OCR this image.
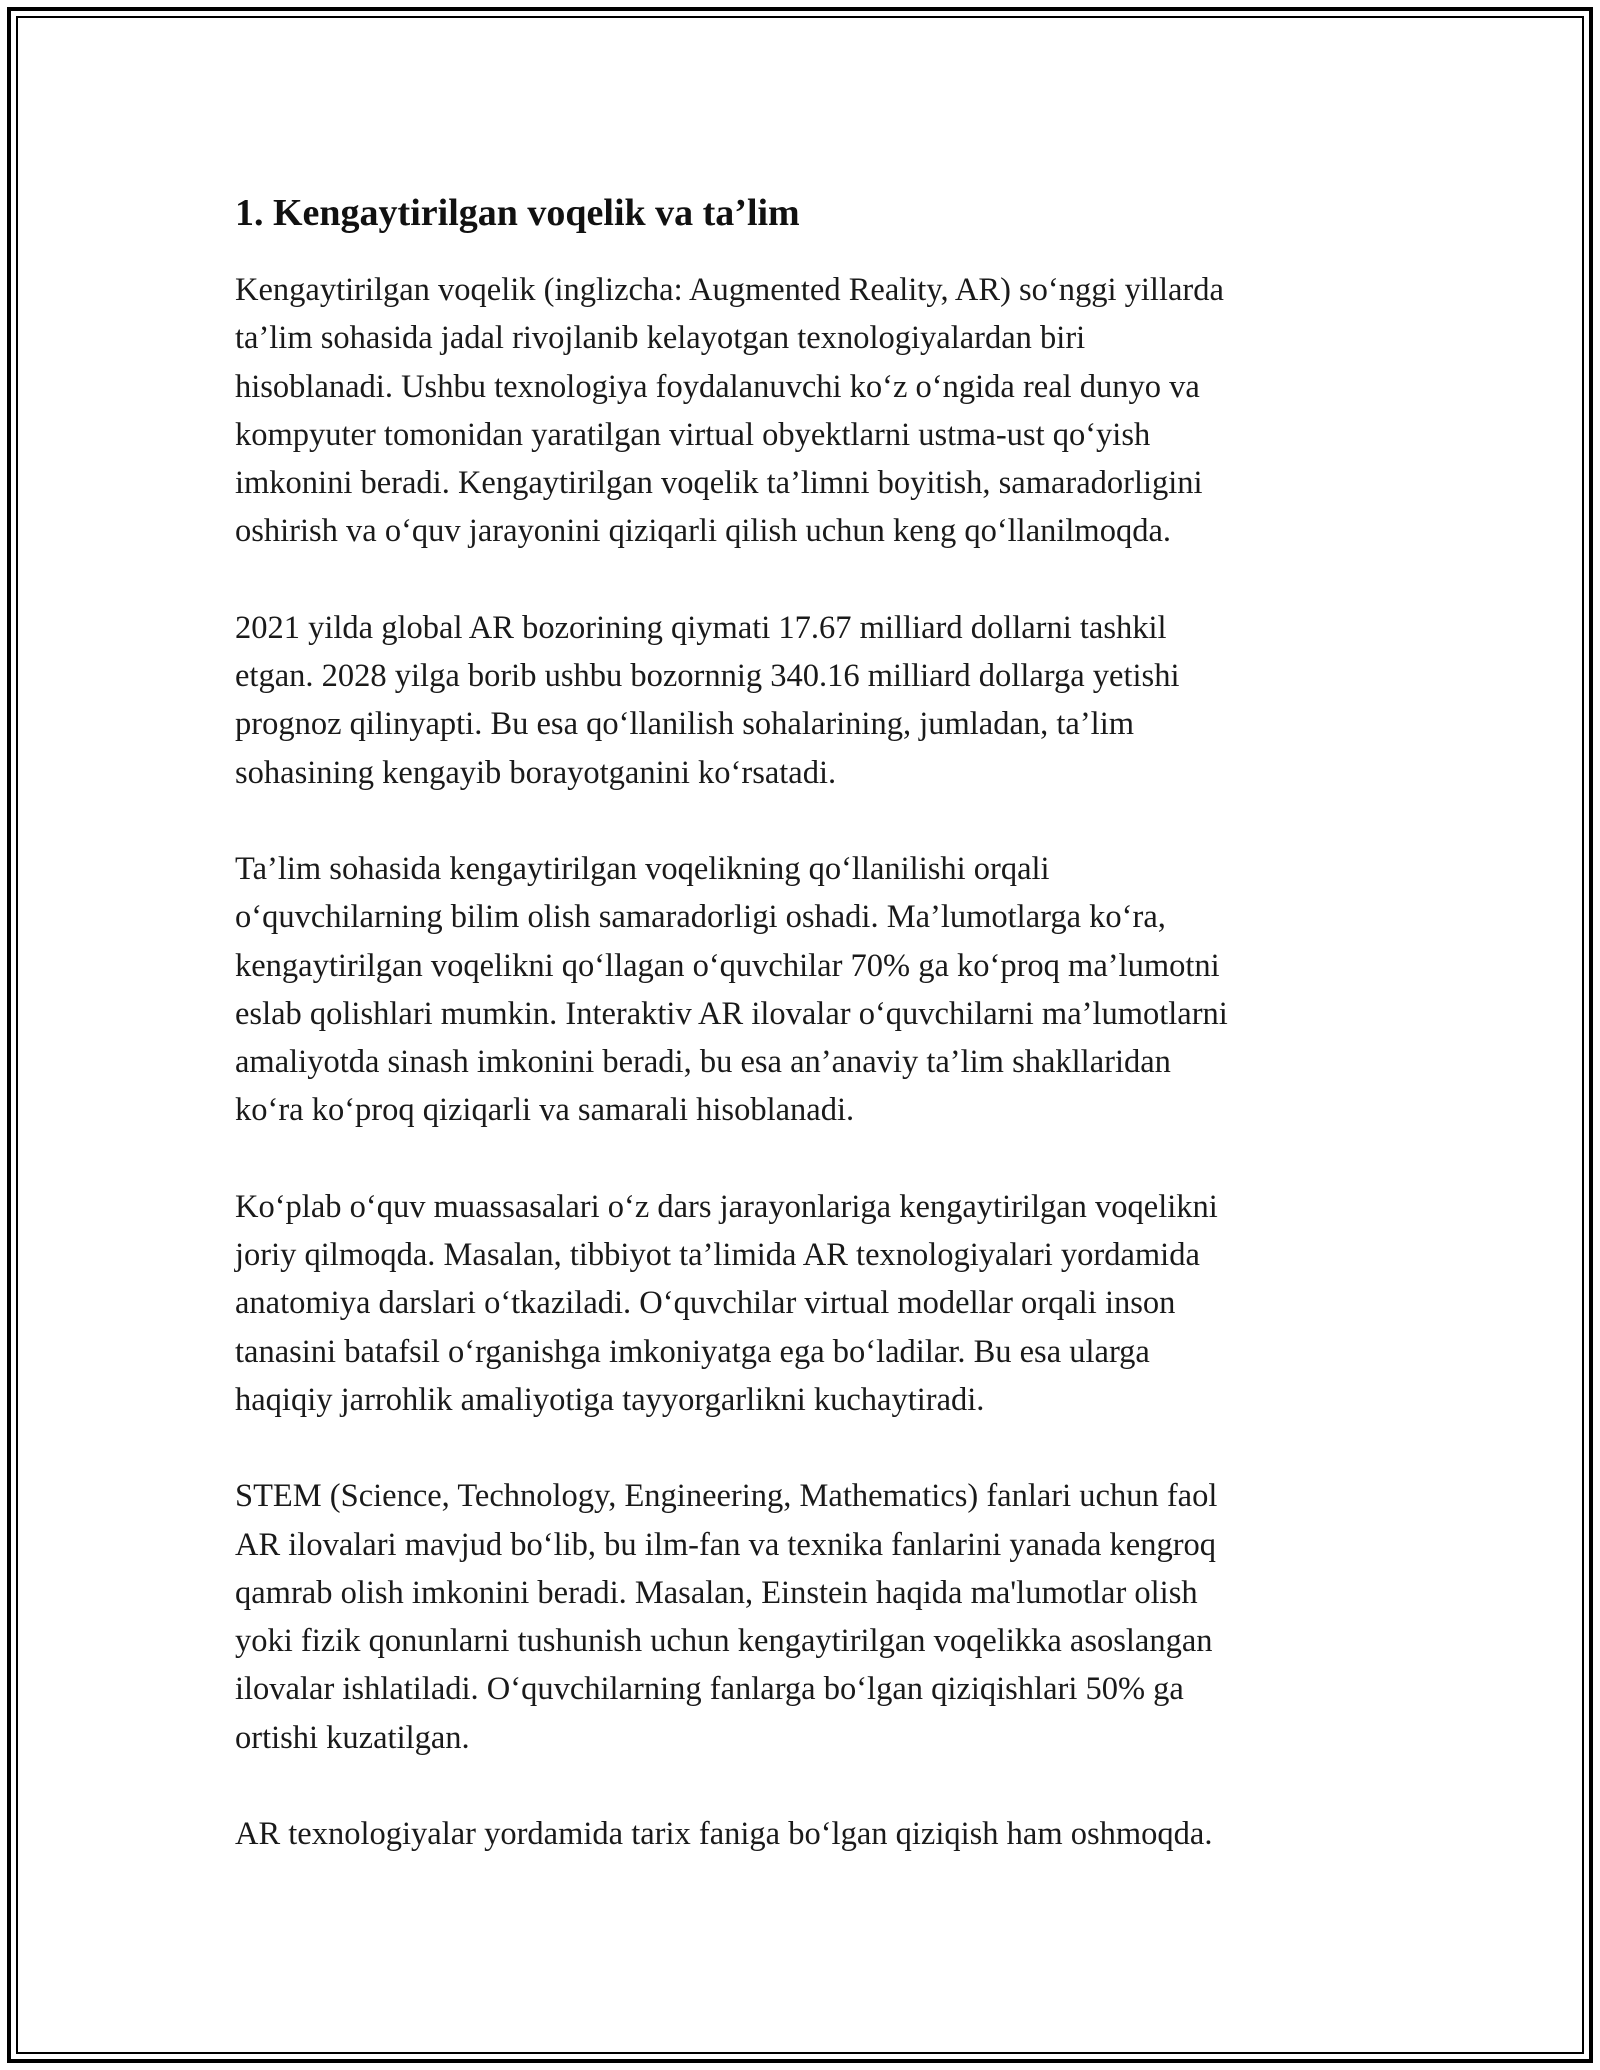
1. Kengaytirilgan voqelik va ta’lim

Kengaytirilgan voqelik (inglizcha: Augmented Reality, AR) so‘nggi yillarda
ta’lim sohasida jadal rivojlanib kelayotgan texnologiyalardan biri
hisoblanadi. Ushbu texnologiya foydalanuvchi ko‘z o‘ngida real dunyo va
kompyuter tomonidan yaratilgan virtual obyektlarni ustma-ust qo‘yish
imkonini beradi. Kengaytirilgan voqelik ta’limni boyitish, samaradorligini
oshirish va o‘quv jarayonini qiziqarli qilish uchun keng qo‘llanilmoqda.

2021 yilda global AR bozorining qiymati 17.67 milliard dollarni tashkil
etgan. 2028 yilga borib ushbu bozornnig 340.16 milliard dollarga yetishi
prognoz qilinyapti. Bu esa qo‘llanilish sohalarining, jumladan, ta’lim
sohasining kengayib borayotganini ko‘rsatadi.

Ta’lim sohasida kengaytirilgan voqelikning qo‘llanilishi orqali
o‘quvchilarning bilim olish samaradorligi oshadi. Ma’lumotlarga ko‘ra,
kengaytirilgan voqelikni qo‘llagan o‘quvchilar 70% ga ko‘proq ma’lumotni
eslab qolishlari mumkin. Interaktiv AR ilovalar o‘quvchilarni ma’lumotlarni
amaliyotda sinash imkonini beradi, bu esa an’anaviy ta’lim shakllaridan
ko‘ra ko‘proq qiziqarli va samarali hisoblanadi.

Ko‘plab o‘quv muassasalari o‘z dars jarayonlariga kengaytirilgan voqelikni
joriy qilmoqda. Masalan, tibbiyot ta’limida AR texnologiyalari yordamida
anatomiya darslari o‘tkaziladi. O‘quvchilar virtual modellar orqali inson
tanasini batafsil o‘rganishga imkoniyatga ega bo‘ladilar. Bu esa ularga
haqiqiy jarrohlik amaliyotiga tayyorgarlikni kuchaytiradi.

STEM (Science, Technology, Engineering, Mathematics) fanlari uchun faol
AR ilovalari mavjud bo‘lib, bu ilm-fan va texnika fanlarini yanada kengroq
qamrab olish imkonini beradi. Masalan, Einstein haqida ma'lumotlar olish
yoki fizik qonunlarni tushunish uchun kengaytirilgan voqelikka asoslangan
ilovalar ishlatiladi. O‘quvchilarning fanlarga bo‘lgan qiziqishlari 50% ga
ortishi kuzatilgan.

AR texnologiyalar yordamida tarix faniga bo‘lgan qiziqish ham oshmoqda.
